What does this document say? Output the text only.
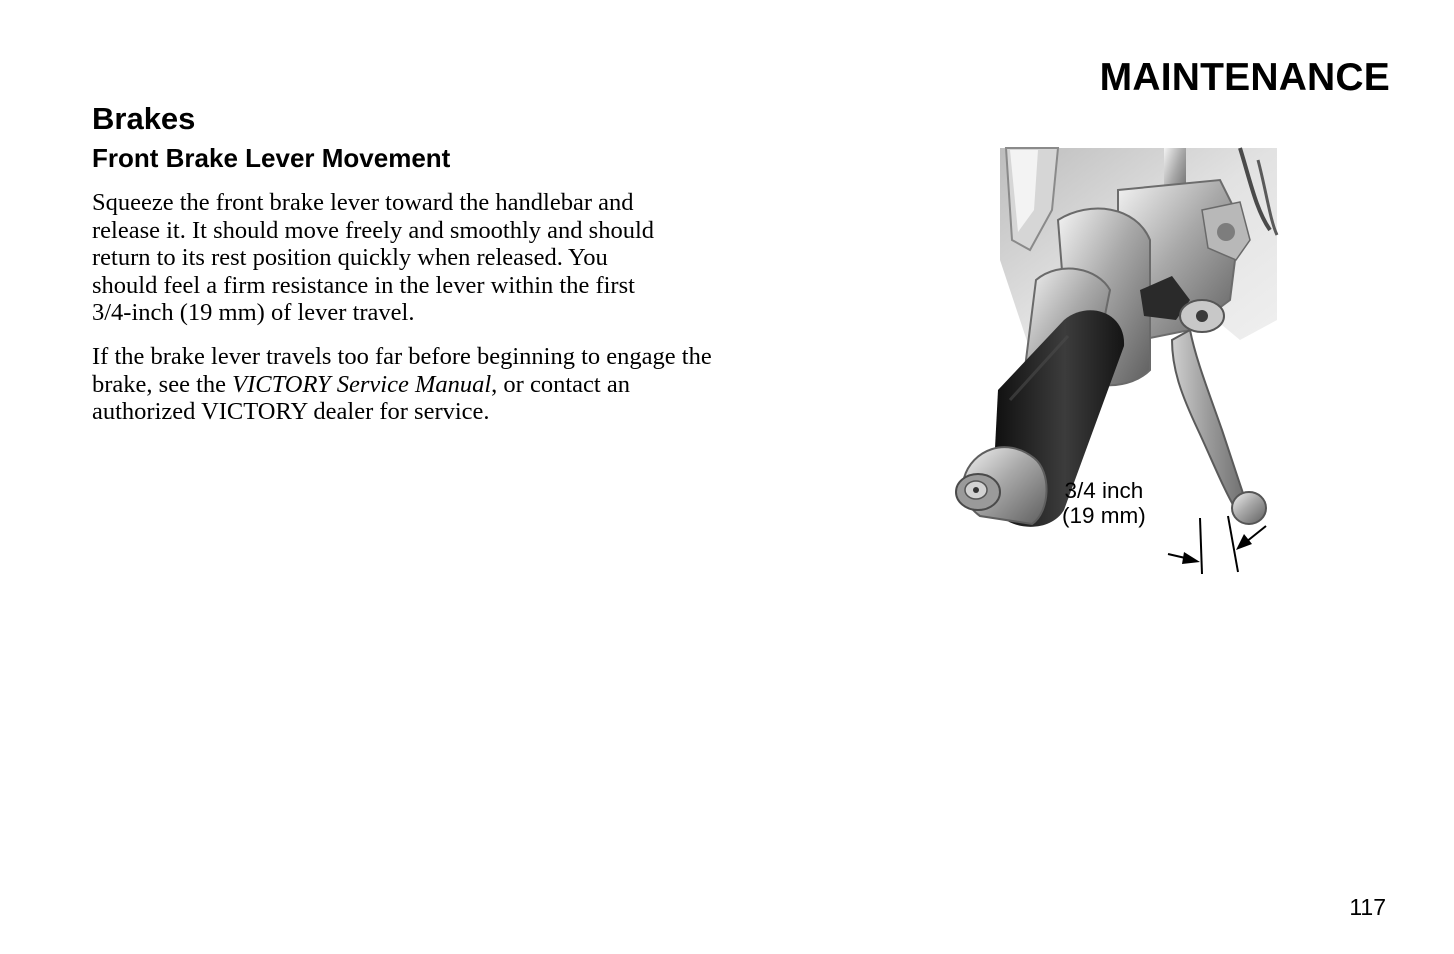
MAINTENANCE
Brakes
Front Brake Lever Movement

Squeeze the front brake lever toward the handlebar and
release it. It should move freely and smoothly and should
return to its rest position quickly when released. You
should feel a firm resistance in the lever within the first
3/4-inch (19 mm) of lever travel.

If the brake lever travels too far before beginning to engage the
brake, see the VICTORY Service Manual, or contact an
authorized VICTORY dealer for service.

3/4 inch
(19 mm)

117
